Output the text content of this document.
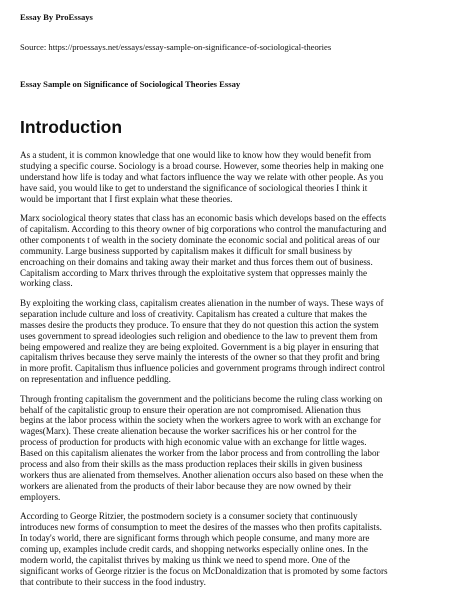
Essay By ProEssays
Source: https://proessays.net/essays/essay-sample-on-significance-of-sociological-theories
Essay Sample on Significance of Sociological Theories Essay
Introduction
As a student, it is common knowledge that one would like to know how they would benefit from
studying a specific course. Sociology is a broad course. However, some theories help in making one
understand how life is today and what factors influence the way we relate with other people. As you
have said, you would like to get to understand the significance of sociological theories I think it
would be important that I first explain what these theories.
Marx sociological theory states that class has an economic basis which develops based on the effects
of capitalism. According to this theory owner of big corporations who control the manufacturing and
other components t of wealth in the society dominate the economic social and political areas of our
community. Large business supported by capitalism makes it difficult for small business by
encroaching on their domains and taking away their market and thus forces them out of business.
Capitalism according to Marx thrives through the exploitative system that oppresses mainly the
working class.
By exploiting the working class, capitalism creates alienation in the number of ways. These ways of
separation include culture and loss of creativity. Capitalism has created a culture that makes the
masses desire the products they produce. To ensure that they do not question this action the system
uses government to spread ideologies such religion and obedience to the law to prevent them from
being empowered and realize they are being exploited. Government is a big player in ensuring that
capitalism thrives because they serve mainly the interests of the owner so that they profit and bring
in more profit. Capitalism thus influence policies and government programs through indirect control
on representation and influence peddling.
Through fronting capitalism the government and the politicians become the ruling class working on
behalf of the capitalistic group to ensure their operation are not compromised. Alienation thus
begins at the labor process within the society when the workers agree to work with an exchange for
wages(Marx). These create alienation because the worker sacrifices his or her control for the
process of production for products with high economic value with an exchange for little wages.
Based on this capitalism alienates the worker from the labor process and from controlling the labor
process and also from their skills as the mass production replaces their skills in given business
workers thus are alienated from themselves. Another alienation occurs also based on these when the
workers are alienated from the products of their labor because they are now owned by their
employers.
According to George Ritzier, the postmodern society is a consumer society that continuously
introduces new forms of consumption to meet the desires of the masses who then profits capitalists.
In today's world, there are significant forms through which people consume, and many more are
coming up, examples include credit cards, and shopping networks especially online ones. In the
modern world, the capitalist thrives by making us think we need to spend more. One of the
significant works of George ritzier is the focus on McDonaldization that is promoted by some factors
that contribute to their success in the food industry.
